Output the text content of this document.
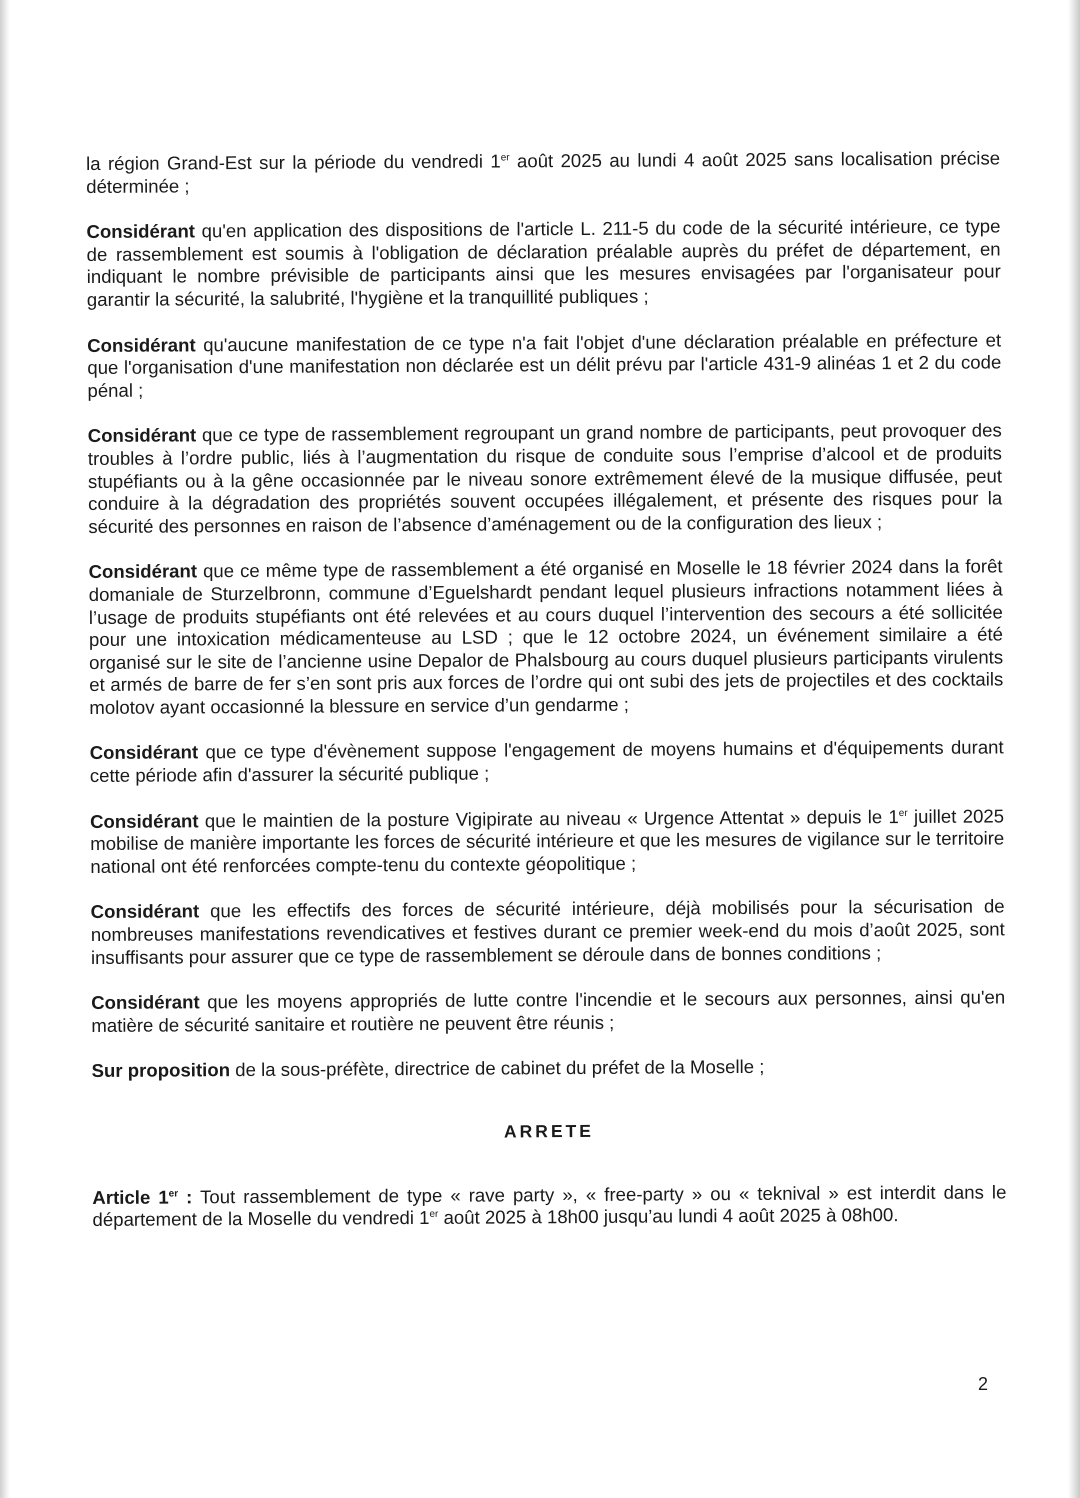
la région Grand-Est sur la période du vendredi 1er août 2025 au lundi 4 août 2025 sans localisation précise déterminée ;

Considérant qu'en application des dispositions de l'article L. 211-5 du code de la sécurité intérieure, ce type de rassemblement est soumis à l'obligation de déclaration préalable auprès du préfet de département, en indiquant le nombre prévisible de participants ainsi que les mesures envisagées par l'organisateur pour garantir la sécurité, la salubrité, l'hygiène et la tranquillité publiques ;

Considérant qu'aucune manifestation de ce type n'a fait l'objet d'une déclaration préalable en préfecture et que l'organisation d'une manifestation non déclarée est un délit prévu par l'article 431-9 alinéas 1 et 2 du code pénal ;

Considérant que ce type de rassemblement regroupant un grand nombre de participants, peut provoquer des troubles à l’ordre public, liés à l’augmentation du risque de conduite sous l’emprise d’alcool et de produits stupéfiants ou à la gêne occasionnée par le niveau sonore extrêmement élevé de la musique diffusée, peut conduire à la dégradation des propriétés souvent occupées illégalement, et présente des risques pour la sécurité des personnes en raison de l’absence d’aménagement ou de la configuration des lieux ;

Considérant que ce même type de rassemblement a été organisé en Moselle le 18 février 2024 dans la forêt domaniale de Sturzelbronn, commune d’Eguelshardt pendant lequel plusieurs infractions notamment liées à l’usage de produits stupéfiants ont été relevées et au cours duquel l’intervention des secours a été sollicitée pour une intoxication médicamenteuse au LSD ; que le 12 octobre 2024, un événement similaire a été organisé sur le site de l’ancienne usine Depalor de Phalsbourg au cours duquel plusieurs participants virulents et armés de barre de fer s’en sont pris aux forces de l’ordre qui ont subi des jets de projectiles et des cocktails molotov ayant occasionné la blessure en service d’un gendarme ;

Considérant que ce type d'évènement suppose l'engagement de moyens humains et d'équipements durant cette période afin d'assurer la sécurité publique ;

Considérant que le maintien de la posture Vigipirate au niveau « Urgence Attentat » depuis le 1er juillet 2025 mobilise de manière importante les forces de sécurité intérieure et que les mesures de vigilance sur le territoire national ont été renforcées compte-tenu du contexte géopolitique ;

Considérant que les effectifs des forces de sécurité intérieure, déjà mobilisés pour la sécurisation de nombreuses manifestations revendicatives et festives durant ce premier week-end du mois d’août 2025, sont insuffisants pour assurer que ce type de rassemblement se déroule dans de bonnes conditions ;

Considérant que les moyens appropriés de lutte contre l'incendie et le secours aux personnes, ainsi qu'en matière de sécurité sanitaire et routière ne peuvent être réunis ;

Sur proposition de la sous-préfète, directrice de cabinet du préfet de la Moselle ;

ARRETE

Article 1er : Tout rassemblement de type « rave party », « free-party » ou « teknival » est interdit dans le département de la Moselle du vendredi 1er août 2025 à 18h00 jusqu’au lundi 4 août 2025 à 08h00.

2
